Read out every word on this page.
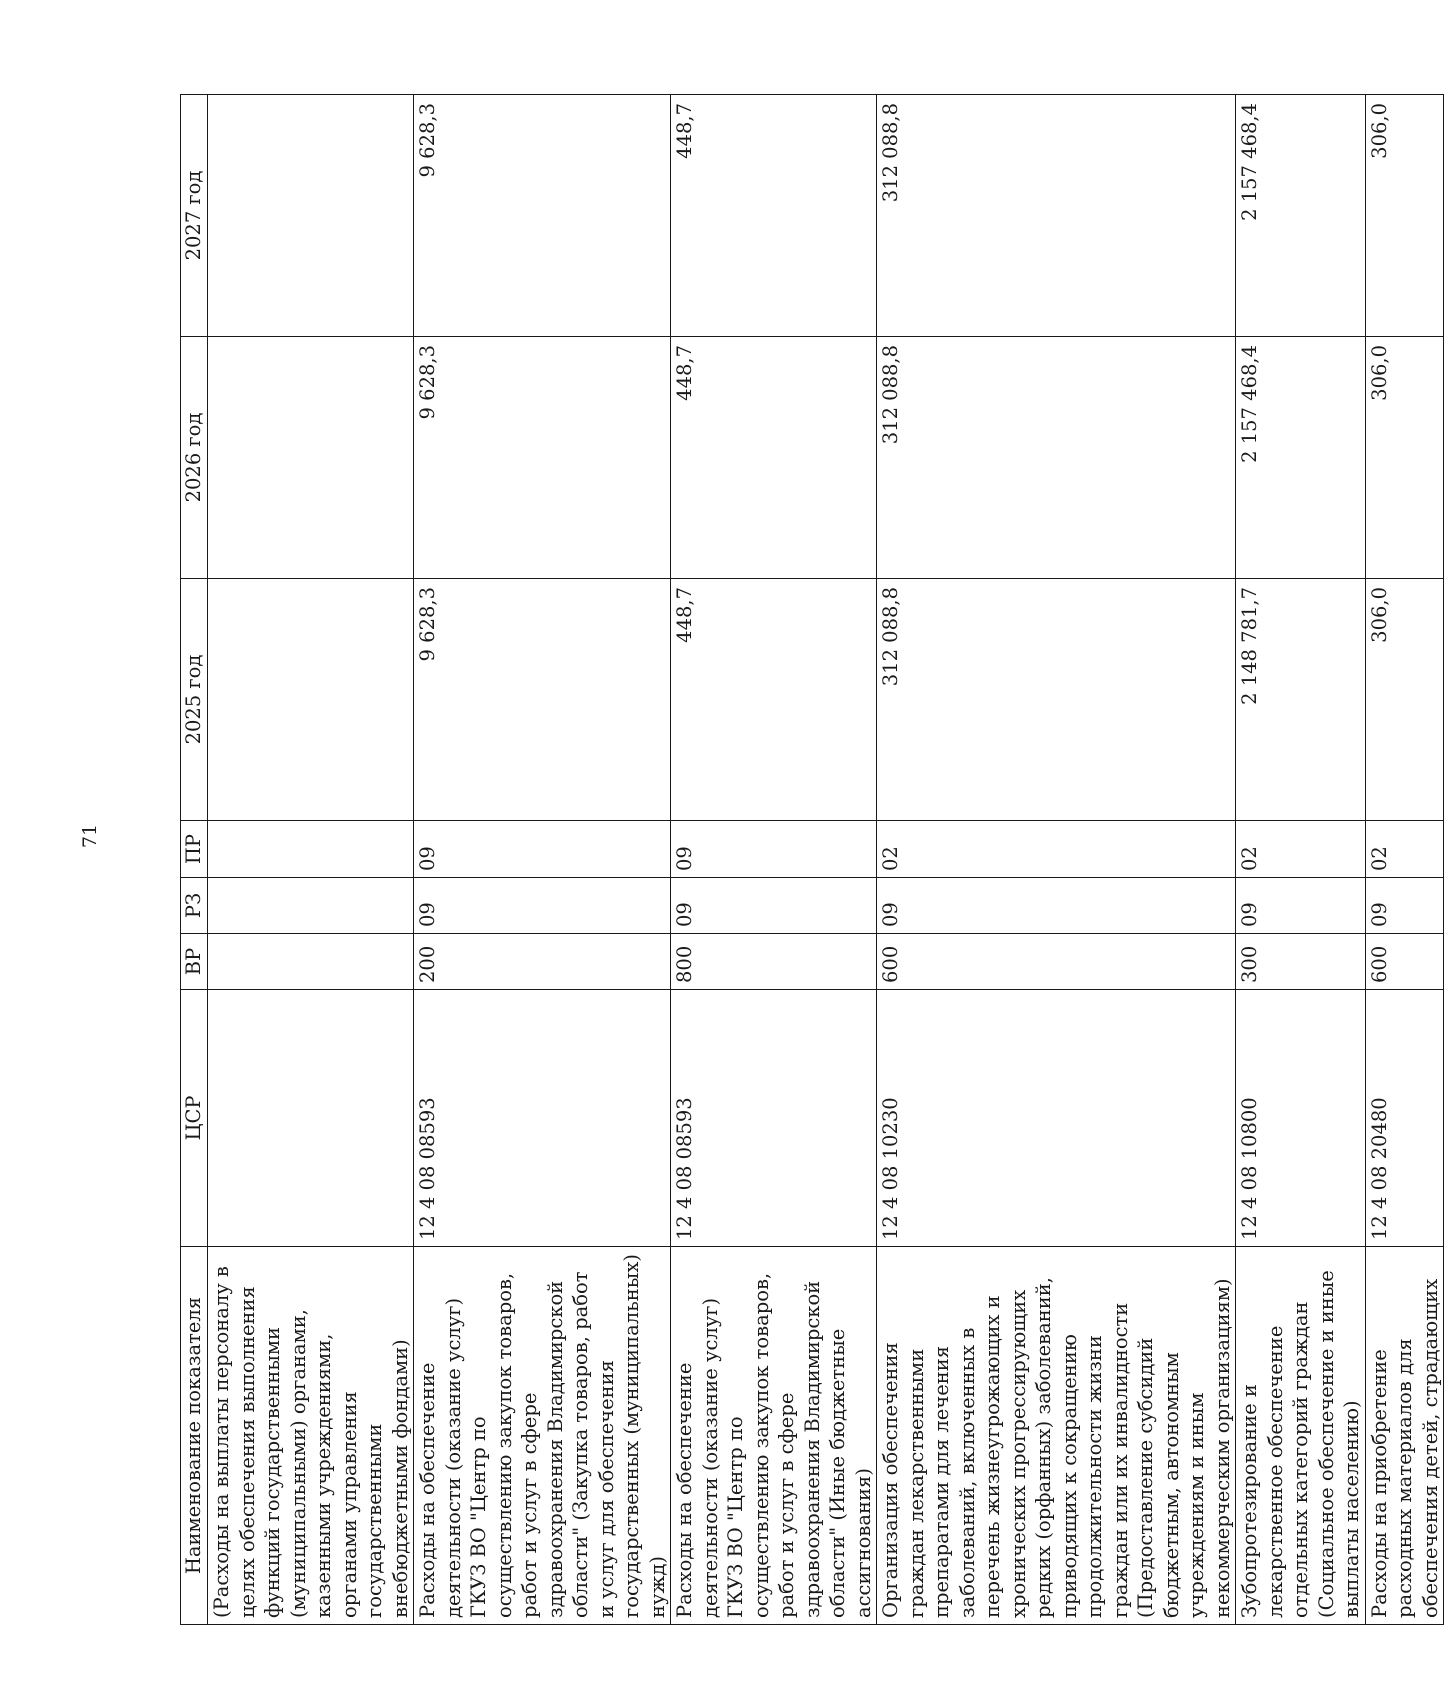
71
Наименование показателя	ЦСР	ВР	РЗ	ПР	2025 год	2026 год	2027 год
(Расходы на выплаты персоналу в целях обеспечения выполнения функций государственными (муниципальными) органами, казенными учреждениями, органами управления государственными внебюджетными фондами)							
Расходы на обеспечение деятельности (оказание услуг) ГКУЗ ВО "Центр по осуществлению закупок товаров, работ и услуг в сфере здравоохранения Владимирской области" (Закупка товаров, работ и услуг для обеспечения государственных (муниципальных) нужд)	12 4 08 08593	200	09	09	9 628,3	9 628,3	9 628,3
Расходы на обеспечение деятельности (оказание услуг) ГКУЗ ВО "Центр по осуществлению закупок товаров, работ и услуг в сфере здравоохранения Владимирской области" (Иные бюджетные ассигнования)	12 4 08 08593	800	09	09	448,7	448,7	448,7
Организация обеспечения граждан лекарственными препаратами для лечения заболеваний, включенных в перечень жизнеугрожающих и хронических прогрессирующих редких (орфанных) заболеваний, приводящих к сокращению продолжительности жизни граждан или их инвалидности (Предоставление субсидий бюджетным, автономным учреждениям и иным некоммерческим организациям)	12 4 08 10230	600	09	02	312 088,8	312 088,8	312 088,8
Зубопротезирование и лекарственное обеспечение отдельных категорий граждан (Социальное обеспечение и иные выплаты населению)	12 4 08 10800	300	09	02	2 148 781,7	2 157 468,4	2 157 468,4
Расходы на приобретение расходных материалов для обеспечения детей, страдающих	12 4 08 20480	600	09	02	306,0	306,0	306,0
